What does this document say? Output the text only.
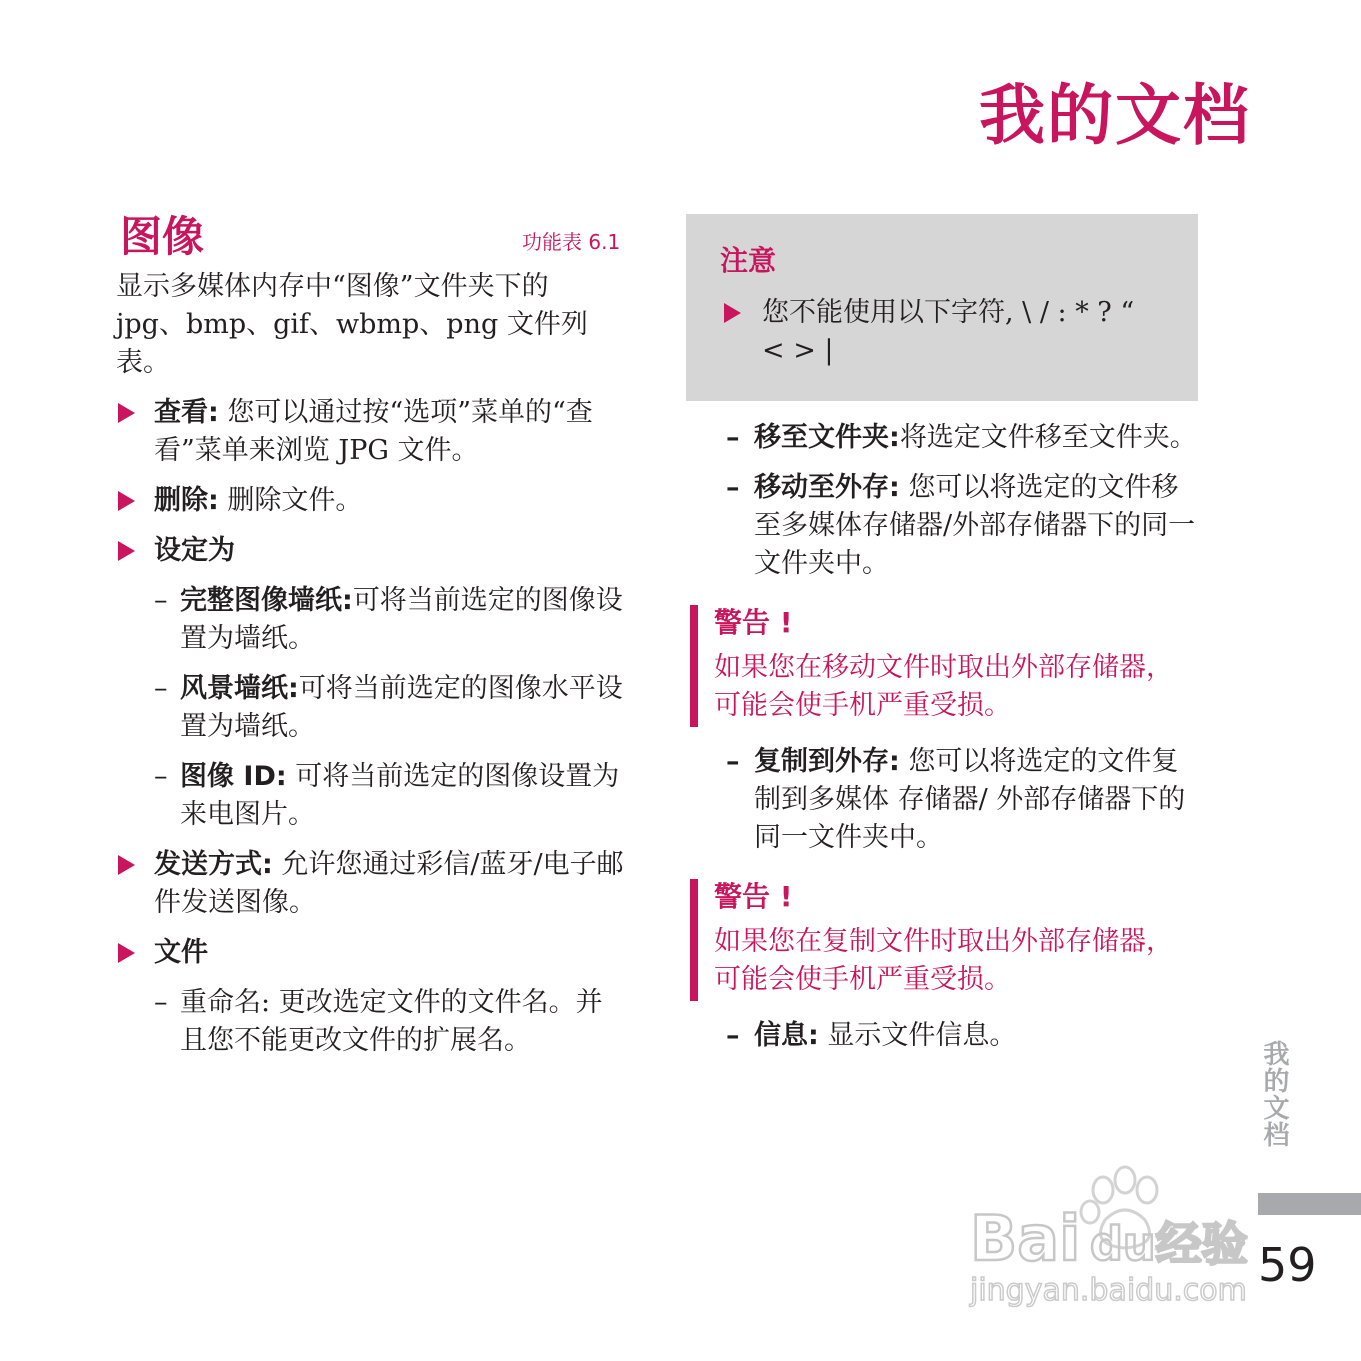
我的文档
图像	功能表 6.1

显示多媒体内存中“图像”文件夹下的
jpg、bmp、gif、wbmp、png 文件列表。

查看: 您可以通过按“选项”菜单的“查看”菜单来浏览 JPG 文件。
删除: 删除文件。
设定为
– 完整图像墙纸:可将当前选定的图像设置为墙纸。
– 风景墙纸:可将当前选定的图像水平设置为墙纸。
– 图像 ID: 可将当前选定的图像设置为来电图片。
发送方式: 允许您通过彩信/蓝牙/电子邮件发送图像。
文件
– 重命名: 更改选定文件的文件名。并且您不能更改文件的扩展名。
注意
您不能使用以下字符, \ / : * ? “ < > |
– 移至文件夹:将选定文件移至文件夹。
– 移动至外存: 您可以将选定的文件移至多媒体存储器/外部存储器下的同一文件夹中。
警告 !

如果您在移动文件时取出外部存储器，可能会使手机严重受损。

– 复制到外存: 您可以将选定的文件复制到多媒体 存储器/ 外部存储器下的同一文件夹中。
警告 !

如果您在复制文件时取出外部存储器，可能会使手机严重受损。

– 信息: 显示文件信息。
我的文档
59
Bai du经验
jingyan.baidu.com
